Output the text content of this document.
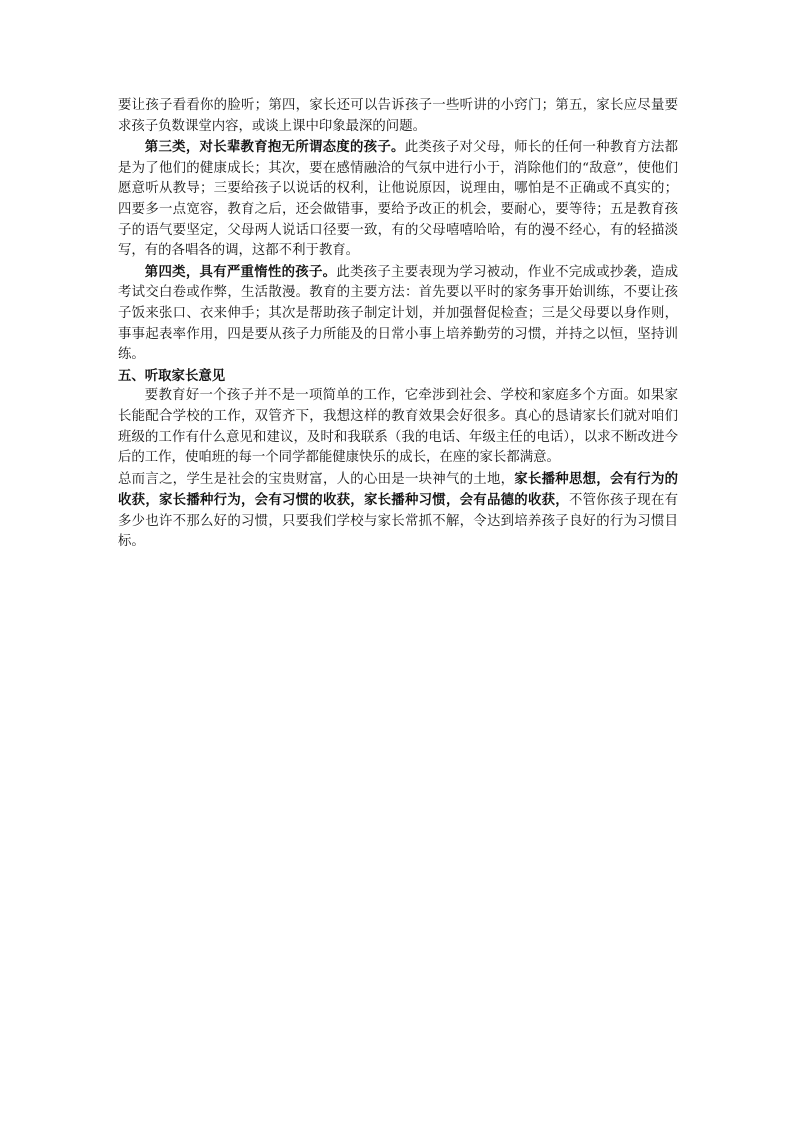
要让孩子看看你的脸听；第四，家长还可以告诉孩子一些听讲的小窍门；第五，家长应尽量要求孩子负数课堂内容，或谈上课中印象最深的问题。

第三类，对长辈教育抱无所谓态度的孩子。此类孩子对父母，师长的任何一种教育方法都是为了他们的健康成长；其次，要在感情融洽的气氛中进行小于，消除他们的“敌意”，使他们愿意听从教导；三要给孩子以说话的权利，让他说原因，说理由，哪怕是不正确或不真实的；四要多一点宽容，教育之后，还会做错事，要给予改正的机会，要耐心，要等待；五是教育孩子的语气要坚定，父母两人说话口径要一致，有的父母嘻嘻哈哈，有的漫不经心，有的轻描淡写，有的各唱各的调，这都不利于教育。

第四类，具有严重惰性的孩子。此类孩子主要表现为学习被动，作业不完成或抄袭，造成考试交白卷或作弊，生活散漫。教育的主要方法：首先要以平时的家务事开始训练，不要让孩子饭来张口、衣来伸手；其次是帮助孩子制定计划，并加强督促检查；三是父母要以身作则，事事起表率作用，四是要从孩子力所能及的日常小事上培养勤劳的习惯，并持之以恒，坚持训练。

五、听取家长意见

要教育好一个孩子并不是一项简单的工作，它牵涉到社会、学校和家庭多个方面。如果家长能配合学校的工作，双管齐下，我想这样的教育效果会好很多。真心的恳请家长们就对咱们班级的工作有什么意见和建议，及时和我联系（我的电话、年级主任的电话），以求不断改进今后的工作，使咱班的每一个同学都能健康快乐的成长，在座的家长都满意。

总而言之，学生是社会的宝贵财富，人的心田是一块神气的土地，家长播种思想，会有行为的收获，家长播种行为，会有习惯的收获，家长播种习惯，会有品德的收获，不管你孩子现在有多少也许不那么好的习惯，只要我们学校与家长常抓不解，令达到培养孩子良好的行为习惯目标。
